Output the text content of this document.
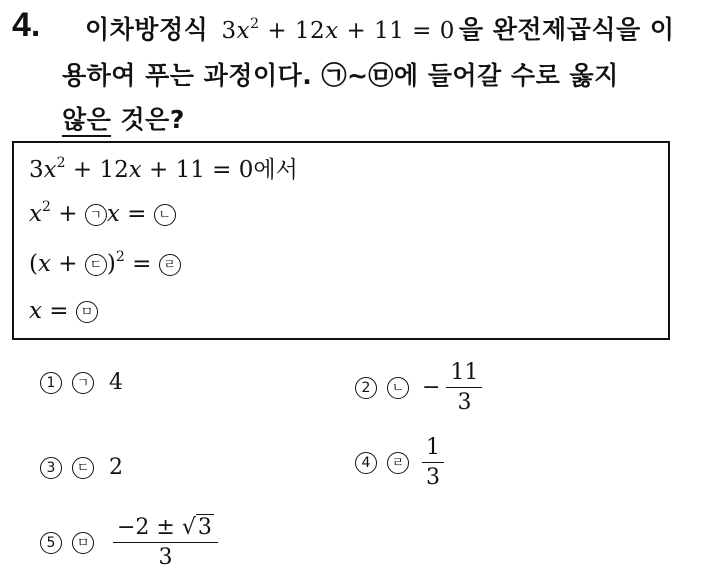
4. 이차방정식 $3x^2 + 12x + 11 = 0$ 을 완전제곱식을 이
용하여 푸는 과정이다. ㉠~㉤에 들어갈 수로 옳지
않은 것은?
$3x^2 + 12x + 11 = 0$에서
$x^2$ + ㄱ x = ㄴ
(x + ㄷ )$^2$ = ㄹ
x = ㅁ
1 ㄱ 4	2 ㄴ − $\frac{11}{3}$
3 ㄷ 2	4 ㄹ $\frac{1}{3}$
5 ㅁ $\frac{-2 \pm √3}{3}$
